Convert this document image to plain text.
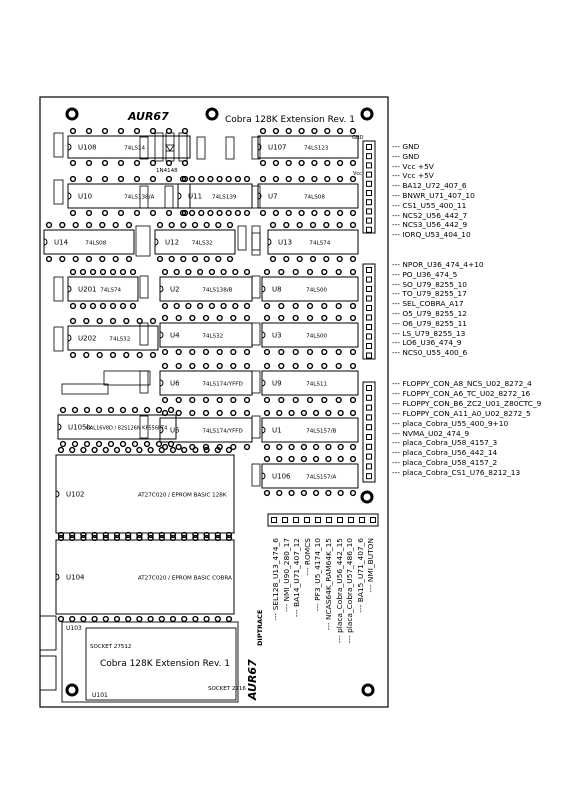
AUR67	Cobra 128K Extension Rev. 1
U108	74LS14	U107	74LS123
U10	74LS138/A	U11 74LS139	U7	74LS08
U14	74LS08	U12 74LS32	U13	74LS74
U201 74LS74	U2	74LS138/B	U8	74LS00
U202 74LS32	U4	74LS32	U3	74LS00
U6	74LS174/YFFD	U9	74LS11
U105b
GAL16V8D / 82S126N KP556PT4 U5	74LS174/YFFD	U1	74LS157/B
U106	74LS157/A
U102	AT27C020 / EPROM BASIC 128K
U104	AT27C020 / EPROM BASIC COBRA
1N4148
GND
Vcc
Cobra 128K Extension Rev. 1
SOCKET 27512
SOCKET 2716
U103
U101	AUR67
DIPTRACE
--- GND
--- GND
--- Vcc +5V
--- Vcc +5V
--- BA12_U72_407_6
--- BNWR_U71_407_10
--- CS1_U55_400_11
--- NCS2_U56_442_7
--- NCS3_U56_442_9
--- IORQ_U53_404_10
--- NPOR_U36_474_4+10
--- PO_U36_474_5
--- SO_U79_8255_10
--- TO_U79_8255_17
--- SEL_COBRA_A17
--- O5_U79_8255_12
--- O6_U79_8255_11
--- LS_U79_8255_13
--- LO6_U36_474_9
--- NCS0_U55_400_6
--- FLOPPY_CON_A8_NCS_U02_8272_4
--- FLOPPY_CON_A6_TC_U02_8272_16
--- FLOPPY_CON_B6_ZC2_U01_Z80CTC_9
--- FLOPPY_CON_A11_A0_U02_8272_5
--- placa_Cobra_U55_400_9+10
--- NVMA_U02_474_9
--- placa_Cobra_U58_4157_3
--- placa_Cobra_U56_442_14
--- placa_Cobra_U58_4157_2
--- placa_Cobra_CS1_U76_8212_13
--- SEL128_U13_474_6 --- NMI_U90_280_17 --- BA14_U71_407_12 --- ROMCS --- PF3_U5_4174_10 --- NCAS64K_RAM64K_15 --- placa_Cobra_U56_442_15 --- placa_Cobra_U57_486_10 --- BA15_U71_407_6 --- NMI_BUTON
